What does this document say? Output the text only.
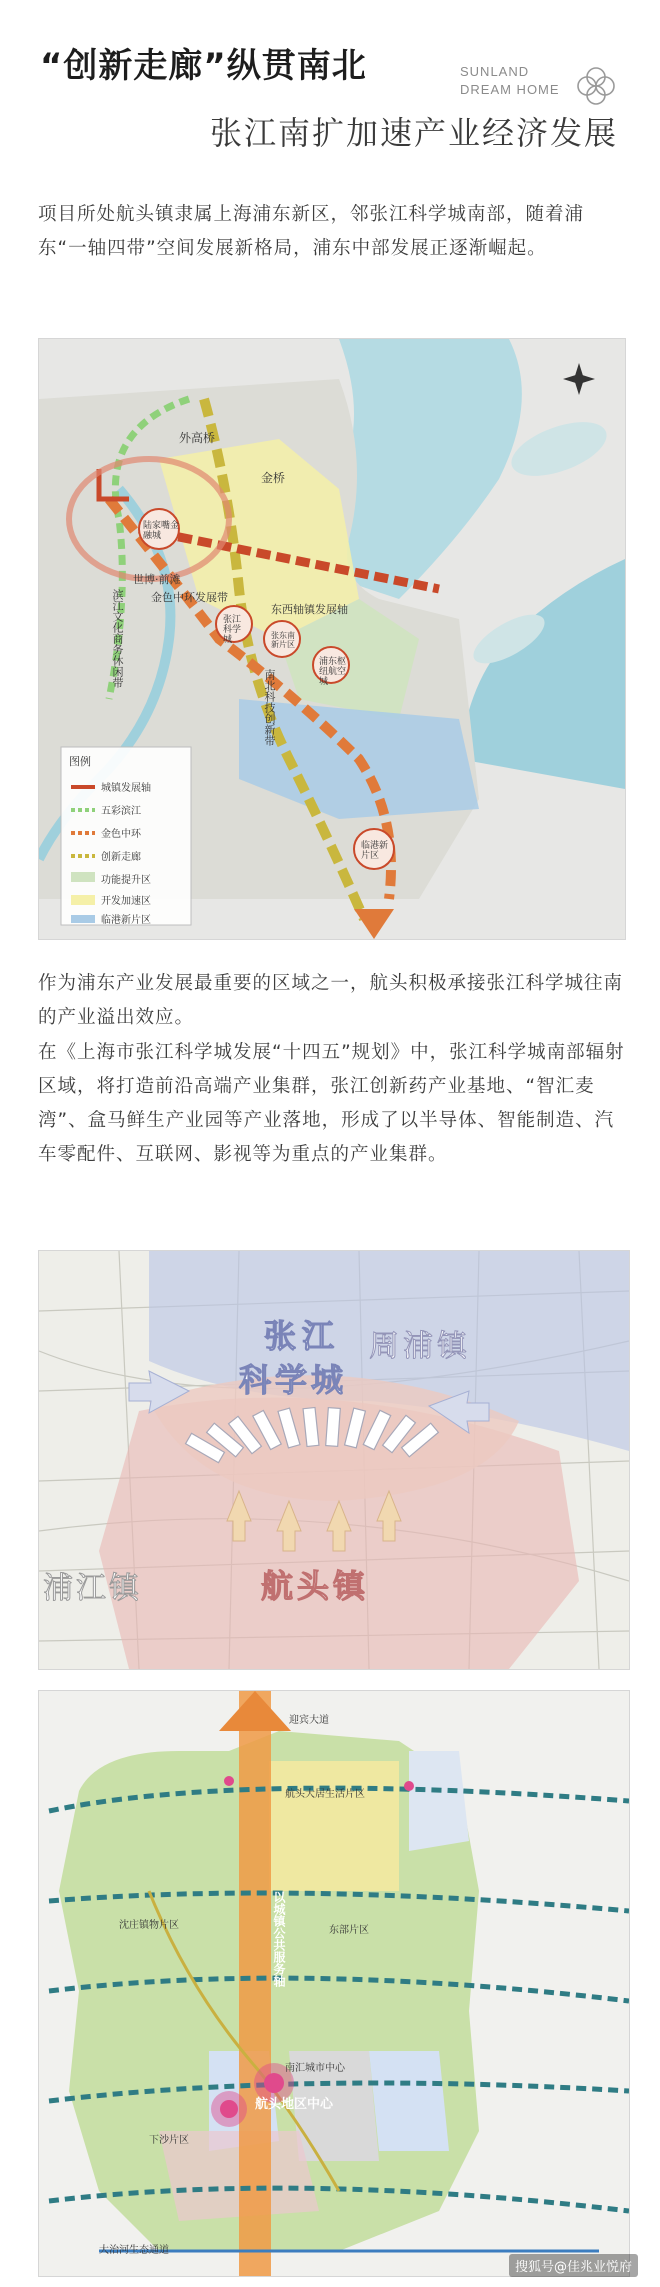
“创新走廊”纵贯南北	SUNLAND
DREAM HOME
张江南扩加速产业经济发展
项目所处航头镇隶属上海浦东新区，邻张江科学城南部，随着浦东“一轴四带”空间发展新格局，浦东中部发展正逐渐崛起。
外高桥
金桥
陆家嘴金融城
张江科学城
世博·前滩
金色中环发展带
东西轴镇发展轴
浦东枢纽航空城
南北科技创新带
滨江文化商务休闲带
临港新片区
张东南新片区
图例
城镇发展轴
五彩滨江
金色中环
创新走廊
功能提升区
开发加速区
临港新片区
作为浦东产业发展最重要的区域之一，航头积极承接张江科学城往南的产业溢出效应。
在《上海市张江科学城发展“十四五”规划》中，张江科学城南部辐射区域，将打造前沿高端产业集群，张江创新药产业基地、“智汇麦湾”、盒马鲜生产业园等产业落地，形成了以半导体、智能制造、汽车零配件、互联网、影视等为重点的产业集群。
张江
科学城
周浦镇
航头镇
浦江镇
航头大居生活片区
沈庄镇物片区	东部片区
航头地区中心
南汇城市中心
以城镇公共服务轴
大治河生态通道
下沙片区
迎宾大道
搜狐号@佳兆业悦府
